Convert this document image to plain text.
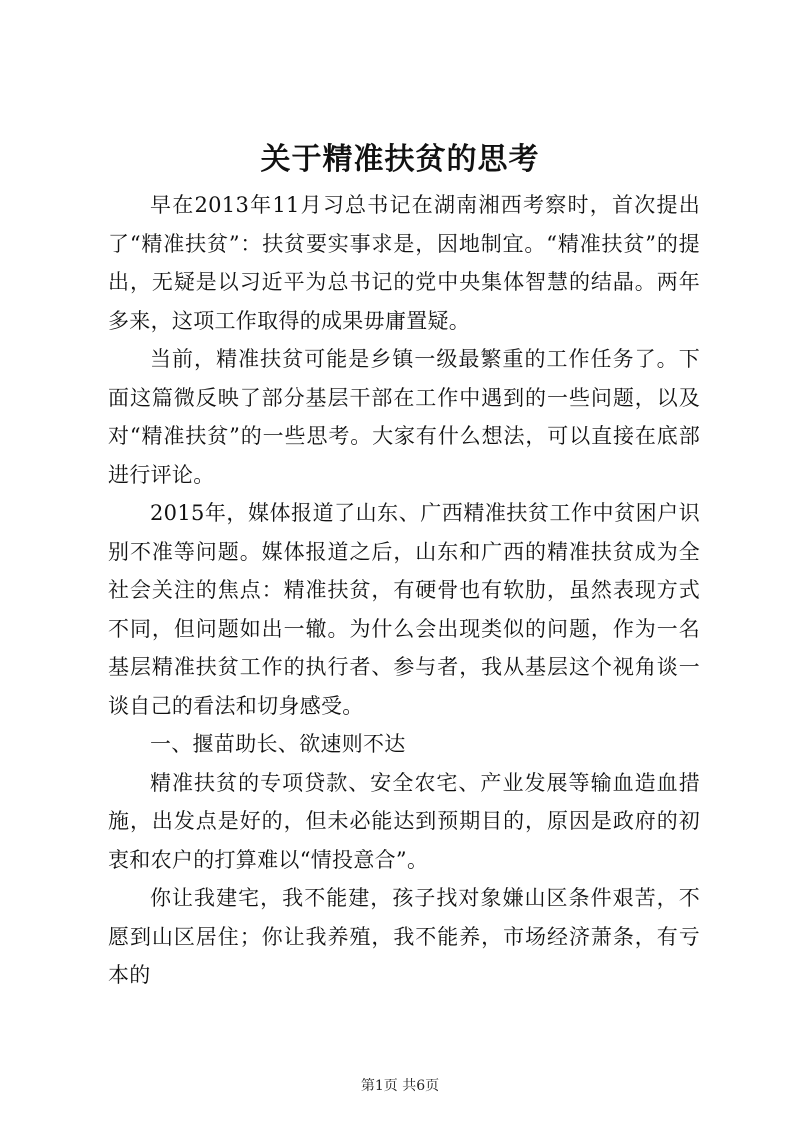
关于精准扶贫的思考

早在2013年11月习总书记在湖南湘西考察时，首次提出了“精准扶贫”：扶贫要实事求是，因地制宜。“精准扶贫”的提出，无疑是以习近平为总书记的党中央集体智慧的结晶。两年多来，这项工作取得的成果毋庸置疑。

当前，精准扶贫可能是乡镇一级最繁重的工作任务了。下面这篇微反映了部分基层干部在工作中遇到的一些问题，以及对“精准扶贫”的一些思考。大家有什么想法，可以直接在底部进行评论。

2015年，媒体报道了山东、广西精准扶贫工作中贫困户识别不准等问题。媒体报道之后，山东和广西的精准扶贫成为全社会关注的焦点：精准扶贫，有硬骨也有软肋，虽然表现方式不同，但问题如出一辙。为什么会出现类似的问题，作为一名基层精准扶贫工作的执行者、参与者，我从基层这个视角谈一谈自己的看法和切身感受。

一、揠苗助长、欲速则不达

精准扶贫的专项贷款、安全农宅、产业发展等输血造血措施，出发点是好的，但未必能达到预期目的，原因是政府的初衷和农户的打算难以“情投意合”。

你让我建宅，我不能建，孩子找对象嫌山区条件艰苦，不愿到山区居住；你让我养殖，我不能养，市场经济萧条，有亏本的

第1页 共6页
